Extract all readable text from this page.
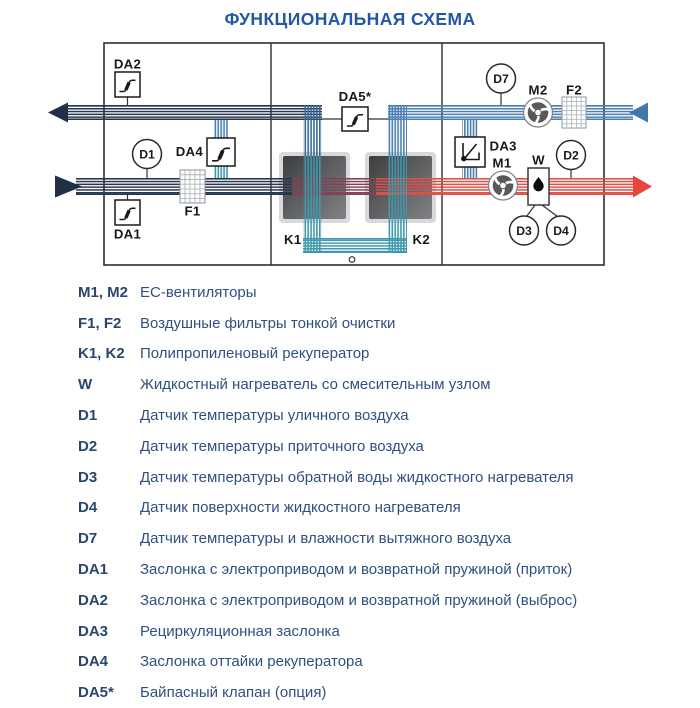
ФУНКЦИОНАЛЬНАЯ СХЕМА
D1
D7
D2
D3 D4
DA2
DA1
DA4
F1
DA5*
K1	K2
M2 F2
DA3
M1 W
M1, M2 EC-вентиляторы
F1, F2	Воздушные фильтры тонкой очистки
K1, K2	Полипропиленовый рекуператор
W	Жидкостный нагреватель со смесительным узлом
D1	Датчик температуры уличного воздуха
D2	Датчик температуры приточного воздуха
D3	Датчик температуры обратной воды жидкостного нагревателя
D4	Датчик поверхности жидкостного нагревателя
D7	Датчик температуры и влажности вытяжного воздуха
DA1	Заслонка с электроприводом и возвратной пружиной (приток)
DA2	Заслонка с электроприводом и возвратной пружиной (выброс)
DA3	Рециркуляционная заслонка
DA4	Заслонка оттайки рекуператора
DA5*	Байпасный клапан (опция)
